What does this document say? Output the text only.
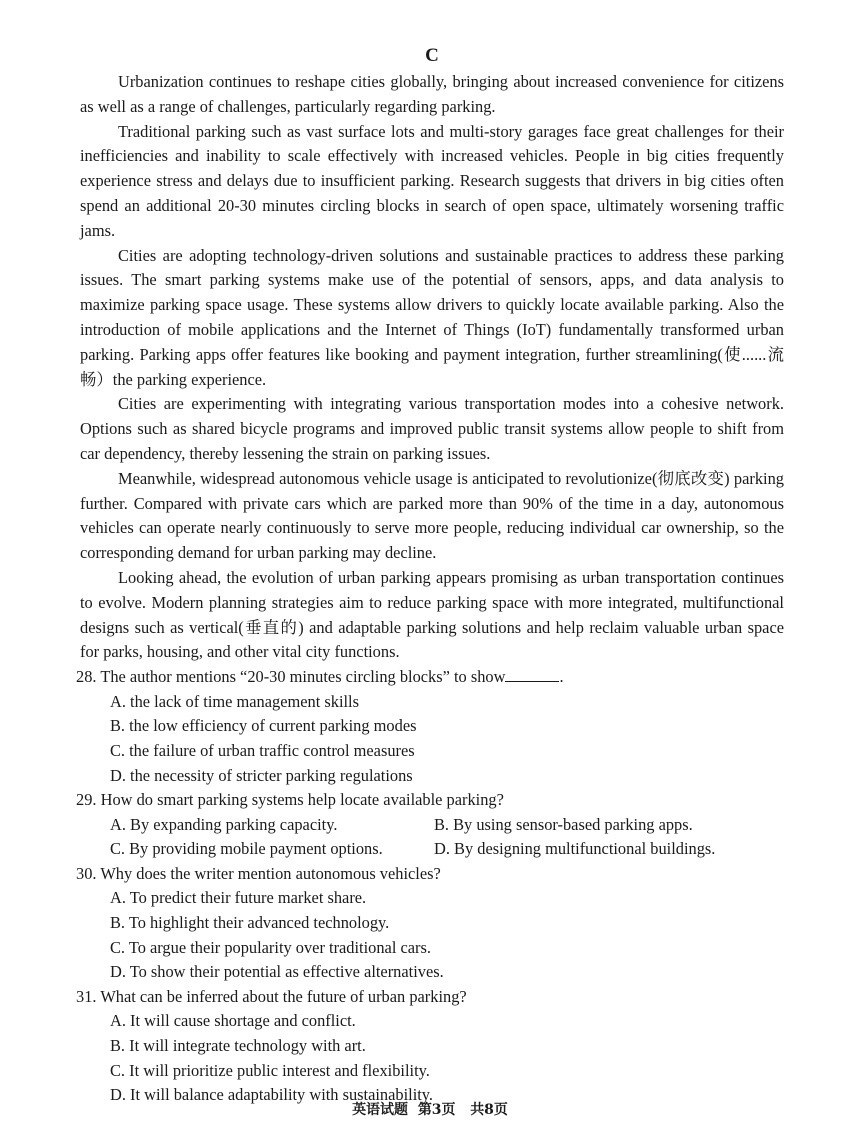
C

Urbanization continues to reshape cities globally, bringing about increased convenience for citizens as well as a range of challenges, particularly regarding parking.

Traditional parking such as vast surface lots and multi-story garages face great challenges for their inefficiencies and inability to scale effectively with increased vehicles. People in big cities frequently experience stress and delays due to insufficient parking. Research suggests that drivers in big cities often spend an additional 20-30 minutes circling blocks in search of open space, ultimately worsening traffic jams.

Cities are adopting technology-driven solutions and sustainable practices to address these parking issues. The smart parking systems make use of the potential of sensors, apps, and data analysis to maximize parking space usage. These systems allow drivers to quickly locate available parking. Also the introduction of mobile applications and the Internet of Things (IoT) fundamentally transformed urban parking. Parking apps offer features like booking and payment integration, further streamlining(使......流畅）the parking experience.

Cities are experimenting with integrating various transportation modes into a cohesive network. Options such as shared bicycle programs and improved public transit systems allow people to shift from car dependency, thereby lessening the strain on parking issues.

Meanwhile, widespread autonomous vehicle usage is anticipated to revolutionize(彻底改变) parking further. Compared with private cars which are parked more than 90% of the time in a day, autonomous vehicles can operate nearly continuously to serve more people, reducing individual car ownership, so the corresponding demand for urban parking may decline.

Looking ahead, the evolution of urban parking appears promising as urban transportation continues to evolve. Modern planning strategies aim to reduce parking space with more integrated, multifunctional designs such as vertical(垂直的) and adaptable parking solutions and help reclaim valuable urban space for parks, housing, and other vital city functions.

28. The author mentions “20-30 minutes circling blocks” to show	.

A. the lack of time management skills

B. the low efficiency of current parking modes

C. the failure of urban traffic control measures

D. the necessity of stricter parking regulations

29. How do smart parking systems help locate available parking?

A. By expanding parking capacity.	B. By using sensor-based parking apps.

C. By providing mobile payment options.	D. By designing multifunctional buildings.

30. Why does the writer mention autonomous vehicles?

A. To predict their future market share.

B. To highlight their advanced technology.

C. To argue their popularity over traditional cars.

D. To show their potential as effective alternatives.

31. What can be inferred about the future of urban parking?

A. It will cause shortage and conflict.

B. It will integrate technology with art.

C. It will prioritize public interest and flexibility.

D. It will balance adaptability with sustainability.

英语试题 第3页 共8页
